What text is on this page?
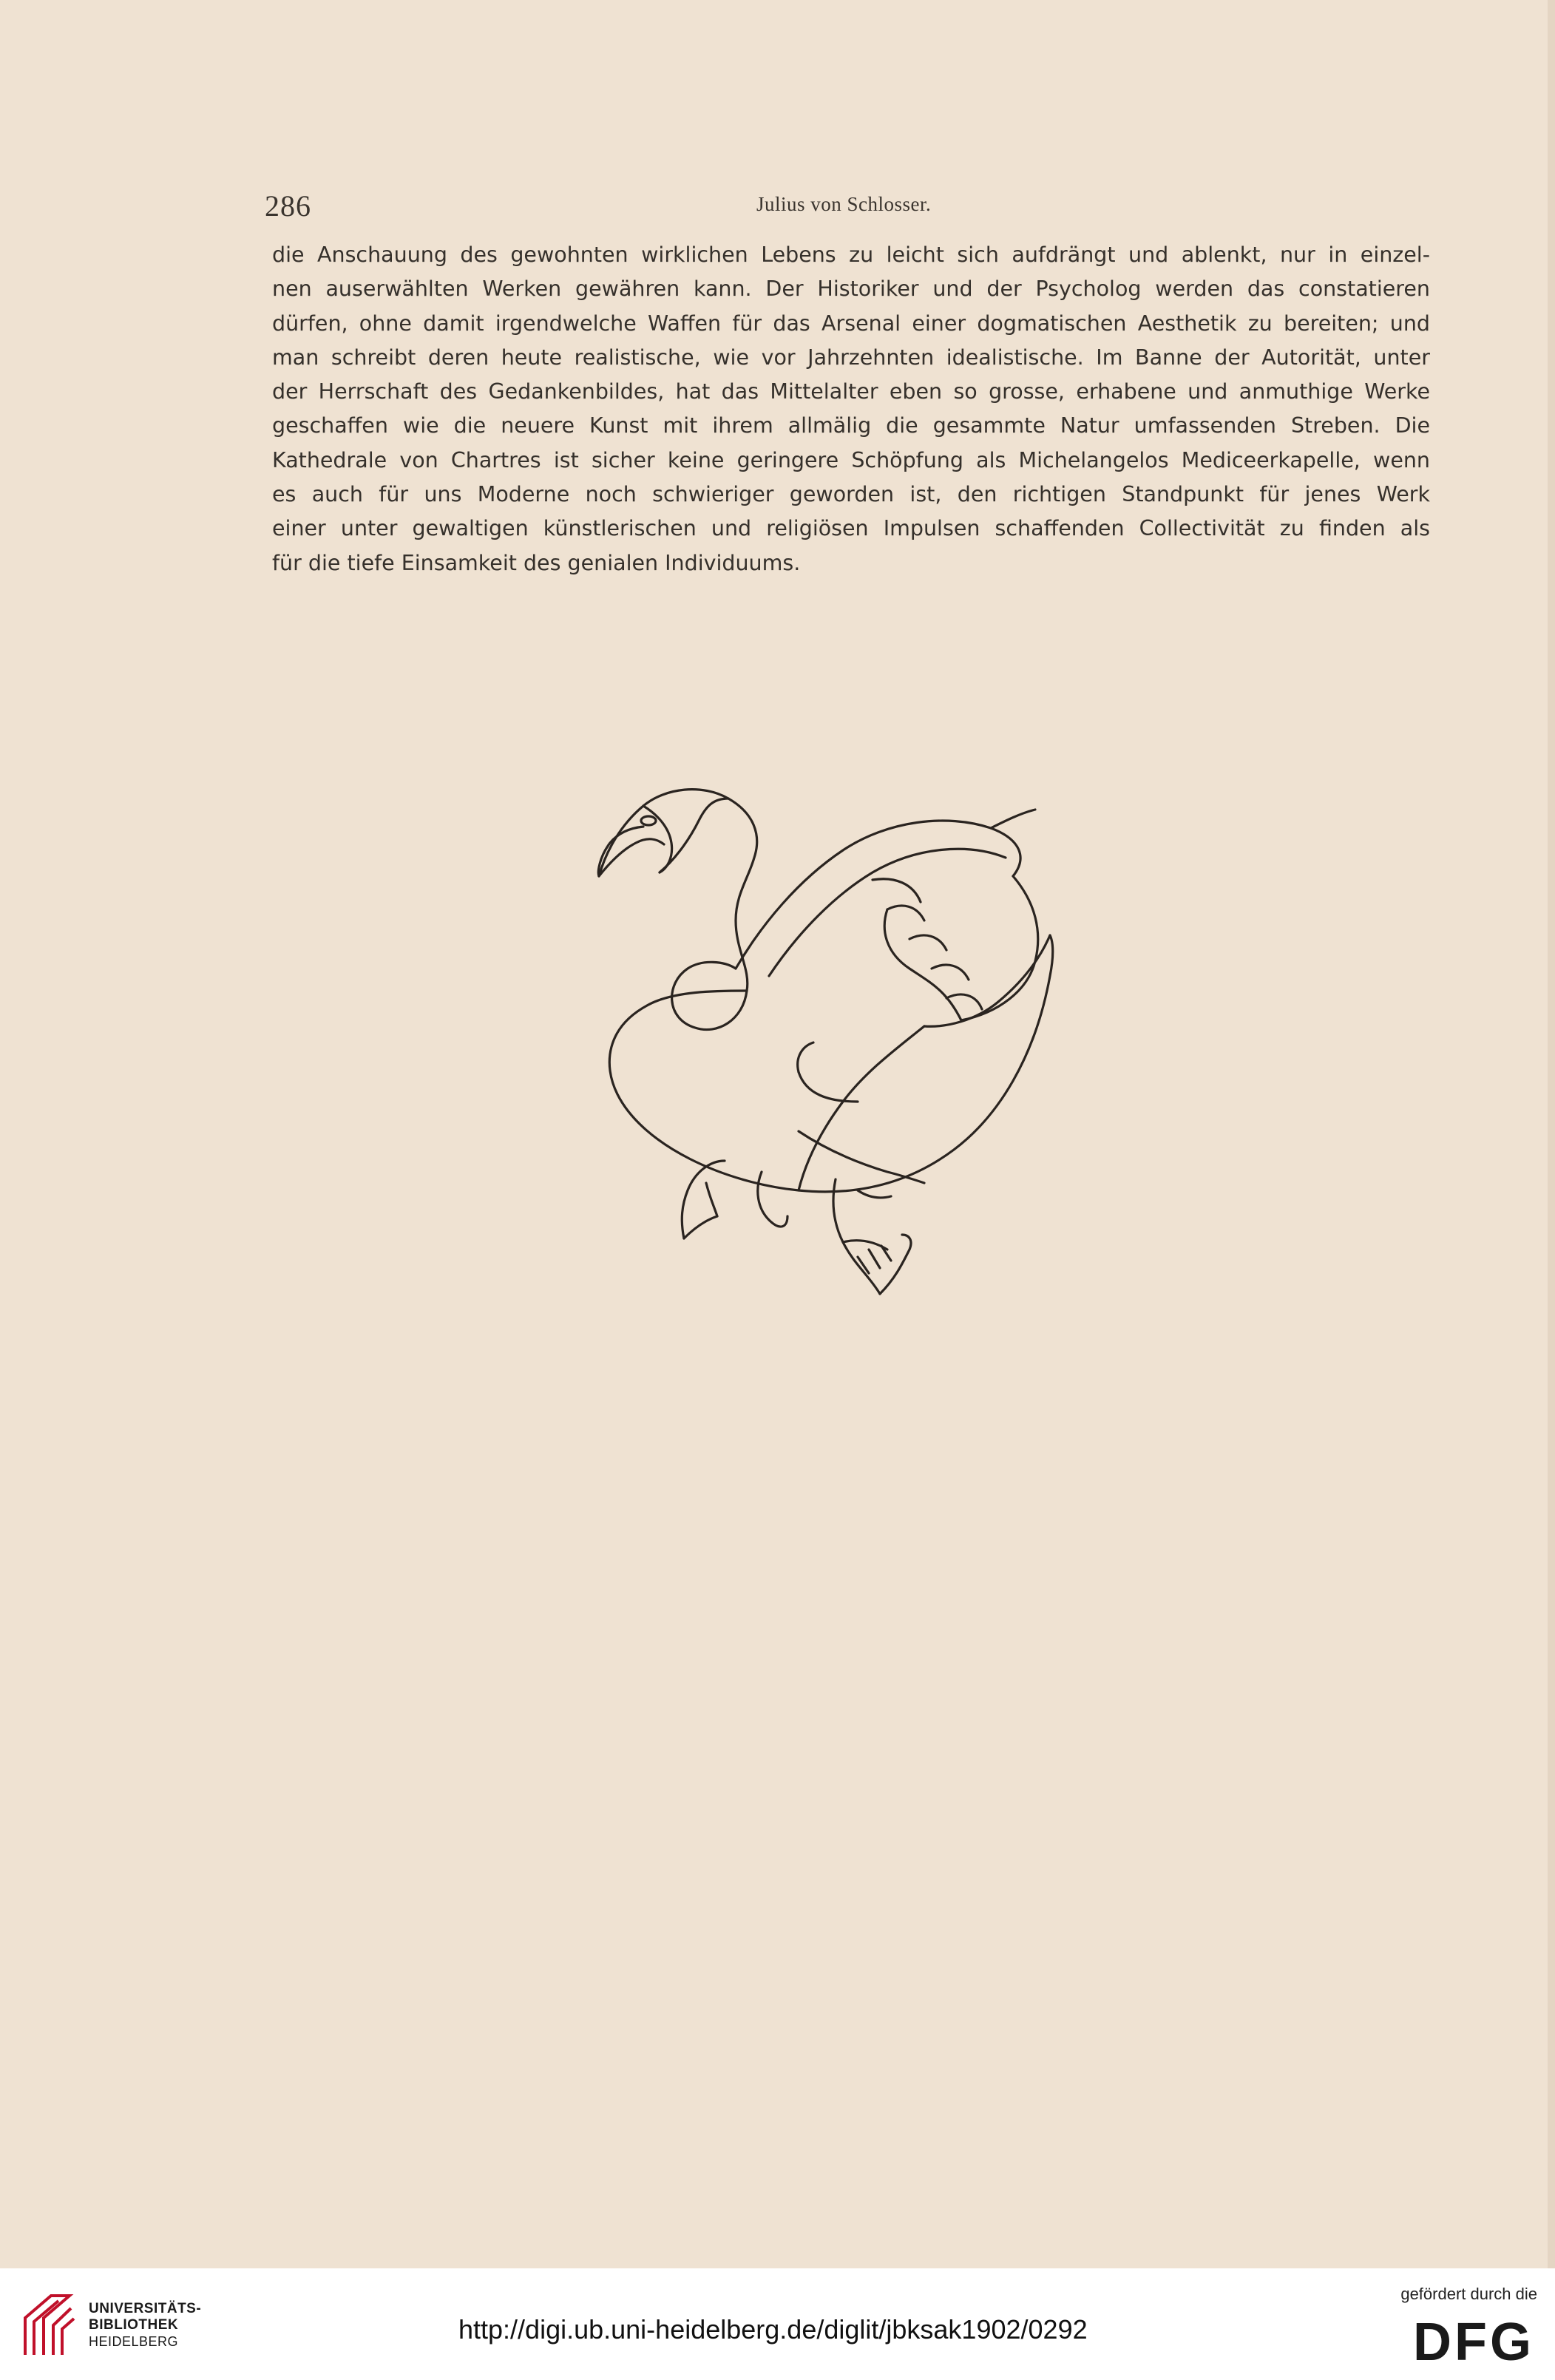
286	Julius von Schlosser.
die Anschauung des gewohnten wirklichen Lebens zu leicht sich aufdrängt und ablenkt, nur in einzel-
nen auserwählten Werken gewähren kann. Der Historiker und der Psycholog werden das constatieren
dürfen, ohne damit irgendwelche Waffen für das Arsenal einer dogmatischen Aesthetik zu bereiten; und
man schreibt deren heute realistische, wie vor Jahrzehnten idealistische. Im Banne der Autorität, unter
der Herrschaft des Gedankenbildes, hat das Mittelalter eben so grosse, erhabene und anmuthige Werke
geschaffen wie die neuere Kunst mit ihrem allmälig die gesammte Natur umfassenden Streben. Die
Kathedrale von Chartres ist sicher keine geringere Schöpfung als Michelangelos Mediceerkapelle, wenn
es auch für uns Moderne noch schwieriger geworden ist, den richtigen Standpunkt für jenes Werk
einer unter gewaltigen künstlerischen und religiösen Impulsen schaffenden Collectivität zu finden als
für die tiefe Einsamkeit des genialen Individuums.
UNIVERSITÄTS-
BIBLIOTHEK
HEIDELBERG	http://digi.ub.uni-heidelberg.de/diglit/jbksak1902/0292
gefördert durch die
DFG
